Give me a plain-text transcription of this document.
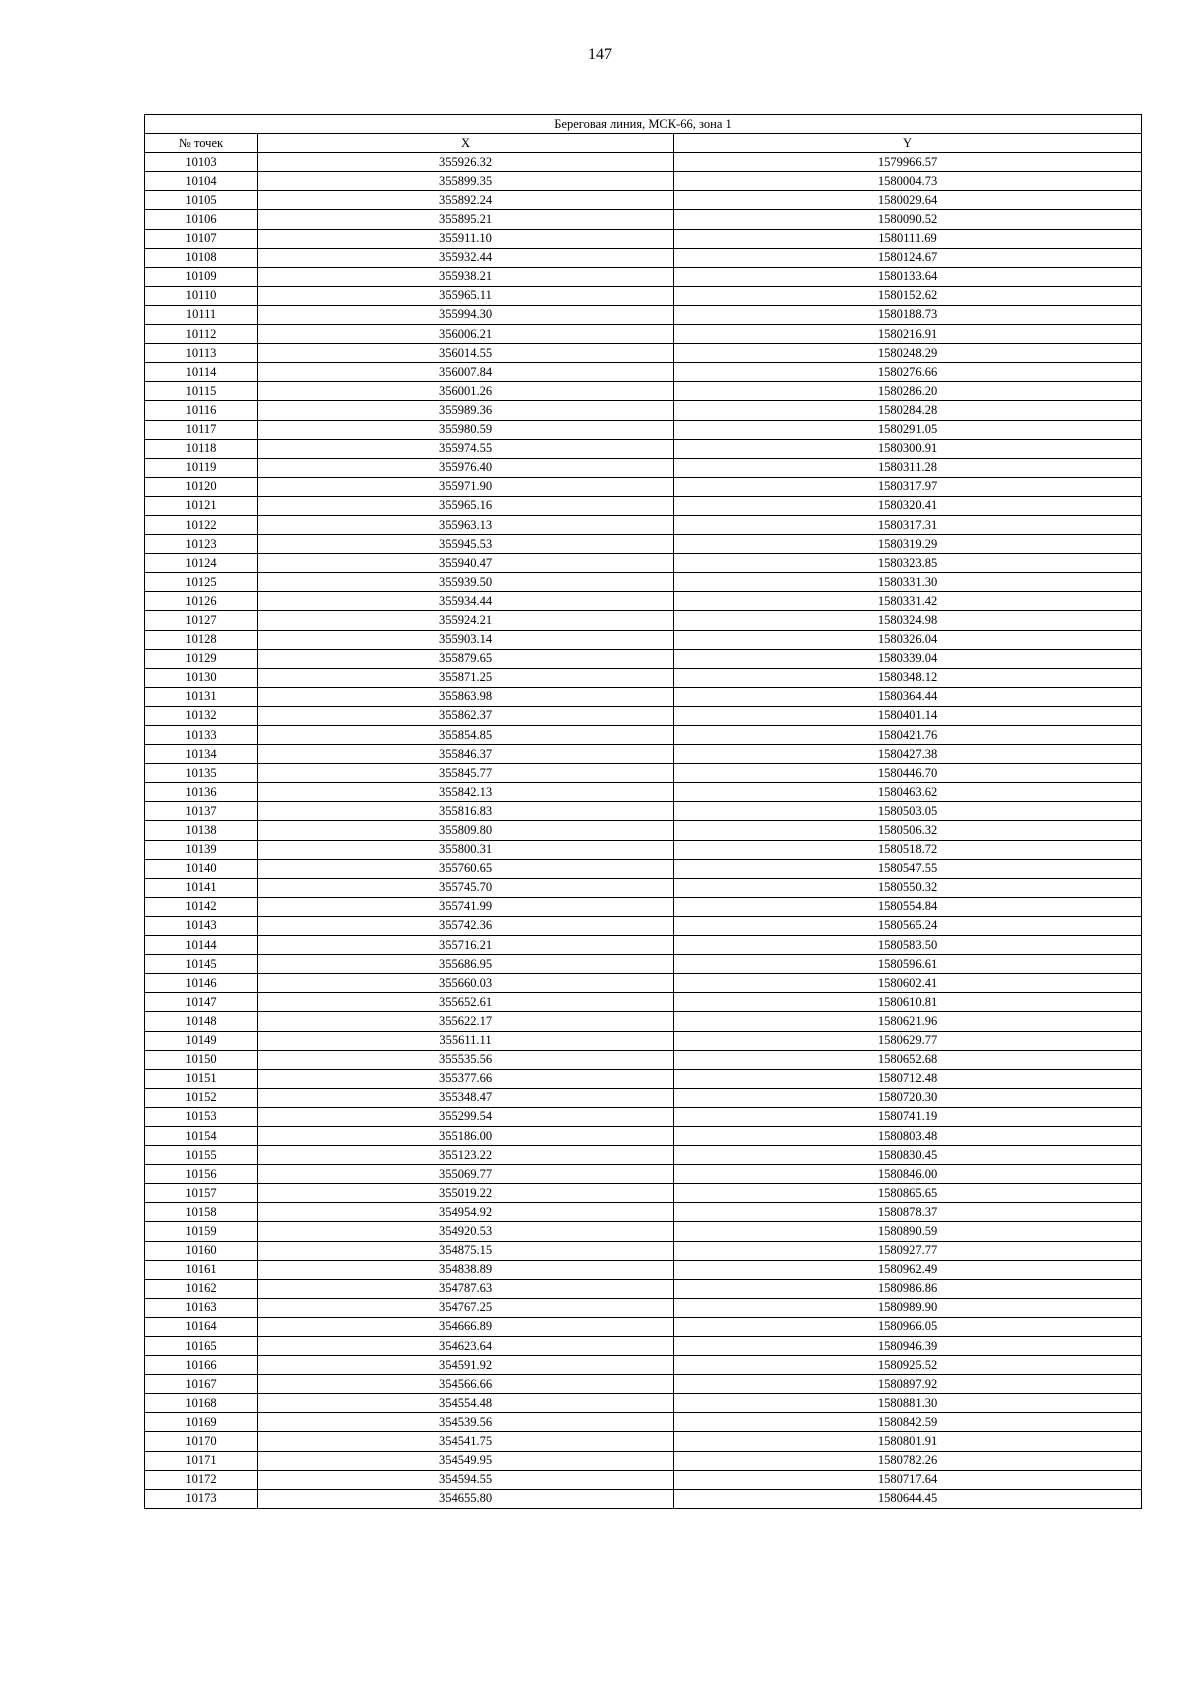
147
Береговая линия, МСК-66, зона 1		
№ точек	X	Y
10103	355926.32	1579966.57
10104	355899.35	1580004.73
10105	355892.24	1580029.64
10106	355895.21	1580090.52
10107	355911.10	1580111.69
10108	355932.44	1580124.67
10109	355938.21	1580133.64
10110	355965.11	1580152.62
10111	355994.30	1580188.73
10112	356006.21	1580216.91
10113	356014.55	1580248.29
10114	356007.84	1580276.66
10115	356001.26	1580286.20
10116	355989.36	1580284.28
10117	355980.59	1580291.05
10118	355974.55	1580300.91
10119	355976.40	1580311.28
10120	355971.90	1580317.97
10121	355965.16	1580320.41
10122	355963.13	1580317.31
10123	355945.53	1580319.29
10124	355940.47	1580323.85
10125	355939.50	1580331.30
10126	355934.44	1580331.42
10127	355924.21	1580324.98
10128	355903.14	1580326.04
10129	355879.65	1580339.04
10130	355871.25	1580348.12
10131	355863.98	1580364.44
10132	355862.37	1580401.14
10133	355854.85	1580421.76
10134	355846.37	1580427.38
10135	355845.77	1580446.70
10136	355842.13	1580463.62
10137	355816.83	1580503.05
10138	355809.80	1580506.32
10139	355800.31	1580518.72
10140	355760.65	1580547.55
10141	355745.70	1580550.32
10142	355741.99	1580554.84
10143	355742.36	1580565.24
10144	355716.21	1580583.50
10145	355686.95	1580596.61
10146	355660.03	1580602.41
10147	355652.61	1580610.81
10148	355622.17	1580621.96
10149	355611.11	1580629.77
10150	355535.56	1580652.68
10151	355377.66	1580712.48
10152	355348.47	1580720.30
10153	355299.54	1580741.19
10154	355186.00	1580803.48
10155	355123.22	1580830.45
10156	355069.77	1580846.00
10157	355019.22	1580865.65
10158	354954.92	1580878.37
10159	354920.53	1580890.59
10160	354875.15	1580927.77
10161	354838.89	1580962.49
10162	354787.63	1580986.86
10163	354767.25	1580989.90
10164	354666.89	1580966.05
10165	354623.64	1580946.39
10166	354591.92	1580925.52
10167	354566.66	1580897.92
10168	354554.48	1580881.30
10169	354539.56	1580842.59
10170	354541.75	1580801.91
10171	354549.95	1580782.26
10172	354594.55	1580717.64
10173	354655.80	1580644.45
